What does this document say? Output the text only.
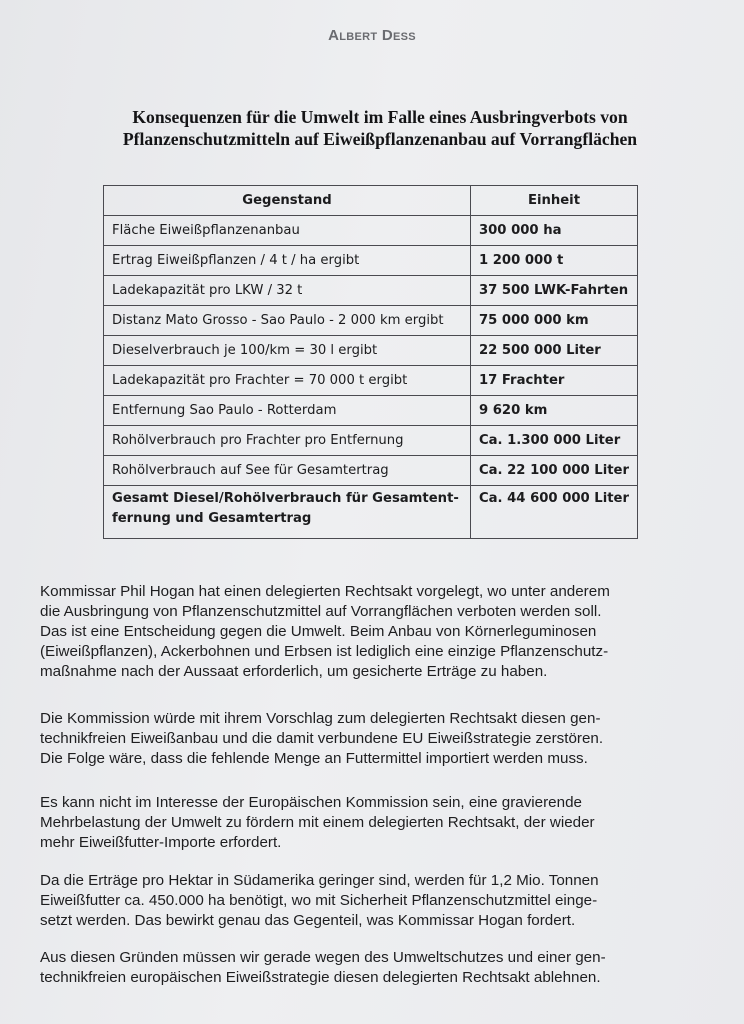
Albert Dess
Konsequenzen für die Umwelt im Falle eines Ausbringverbots von
Pflanzenschutzmitteln auf Eiweißpflanzenanbau auf Vorrangflächen
Gegenstand	Einheit
Fläche Eiweißpflanzenanbau	300 000 ha
Ertrag Eiweißpflanzen / 4 t / ha ergibt	1 200 000 t
Ladekapazität pro LKW / 32 t	37 500 LWK-Fahrten
Distanz Mato Grosso - Sao Paulo - 2 000 km ergibt	75 000 000 km
Dieselverbrauch je 100/km = 30 l ergibt	22 500 000 Liter
Ladekapazität pro Frachter = 70 000 t ergibt	17 Frachter
Entfernung Sao Paulo - Rotterdam	9 620 km
Rohölverbrauch pro Frachter pro Entfernung	Ca. 1.300 000 Liter
Rohölverbrauch auf See für Gesamtertrag	Ca. 22 100 000 Liter

Gesamt Diesel/Rohölverbrauch für Gesamtent-
fernung und Gesamtertrag	Ca. 44 600 000 Liter
Kommissar Phil Hogan hat einen delegierten Rechtsakt vorgelegt, wo unter anderem
die Ausbringung von Pflanzenschutzmittel auf Vorrangflächen verboten werden soll.
Das ist eine Entscheidung gegen die Umwelt. Beim Anbau von Körnerleguminosen
(Eiweißpflanzen), Ackerbohnen und Erbsen ist lediglich eine einzige Pflanzenschutz-
maßnahme nach der Aussaat erforderlich, um gesicherte Erträge zu haben.
Die Kommission würde mit ihrem Vorschlag zum delegierten Rechtsakt diesen gen-
technikfreien Eiweißanbau und die damit verbundene EU Eiweißstrategie zerstören.
Die Folge wäre, dass die fehlende Menge an Futtermittel importiert werden muss.
Es kann nicht im Interesse der Europäischen Kommission sein, eine gravierende
Mehrbelastung der Umwelt zu fördern mit einem delegierten Rechtsakt, der wieder
mehr Eiweißfutter-Importe erfordert.
Da die Erträge pro Hektar in Südamerika geringer sind, werden für 1,2 Mio. Tonnen
Eiweißfutter ca. 450.000 ha benötigt, wo mit Sicherheit Pflanzenschutzmittel einge-
setzt werden. Das bewirkt genau das Gegenteil, was Kommissar Hogan fordert.
Aus diesen Gründen müssen wir gerade wegen des Umweltschutzes und einer gen-
technikfreien europäischen Eiweißstrategie diesen delegierten Rechtsakt ablehnen.
